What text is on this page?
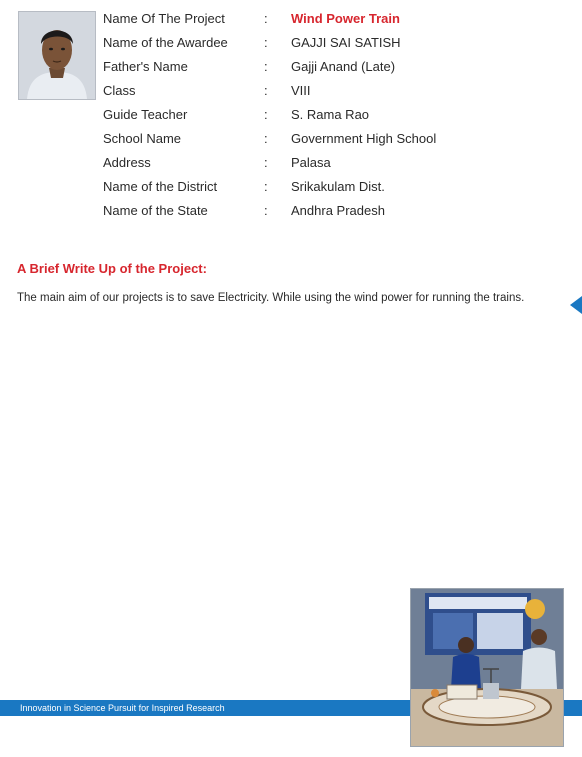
Name Of The Project	: Wind Power Train
Name of the Awardee	: GAJJI SAI SATISH
Father's Name	: Gajji Anand (Late)
Class	: VIII
Guide Teacher	: S. Rama Rao
School Name	: Government High School
Address	: Palasa
Name of the District	: Srikakulam Dist.
Name of the State	: Andhra Pradesh
A Brief Write Up of the Project:
The main aim of our projects is to save Electricity. While using the wind power for running the trains.
Innovation in Science Pursuit for Inspired Research
